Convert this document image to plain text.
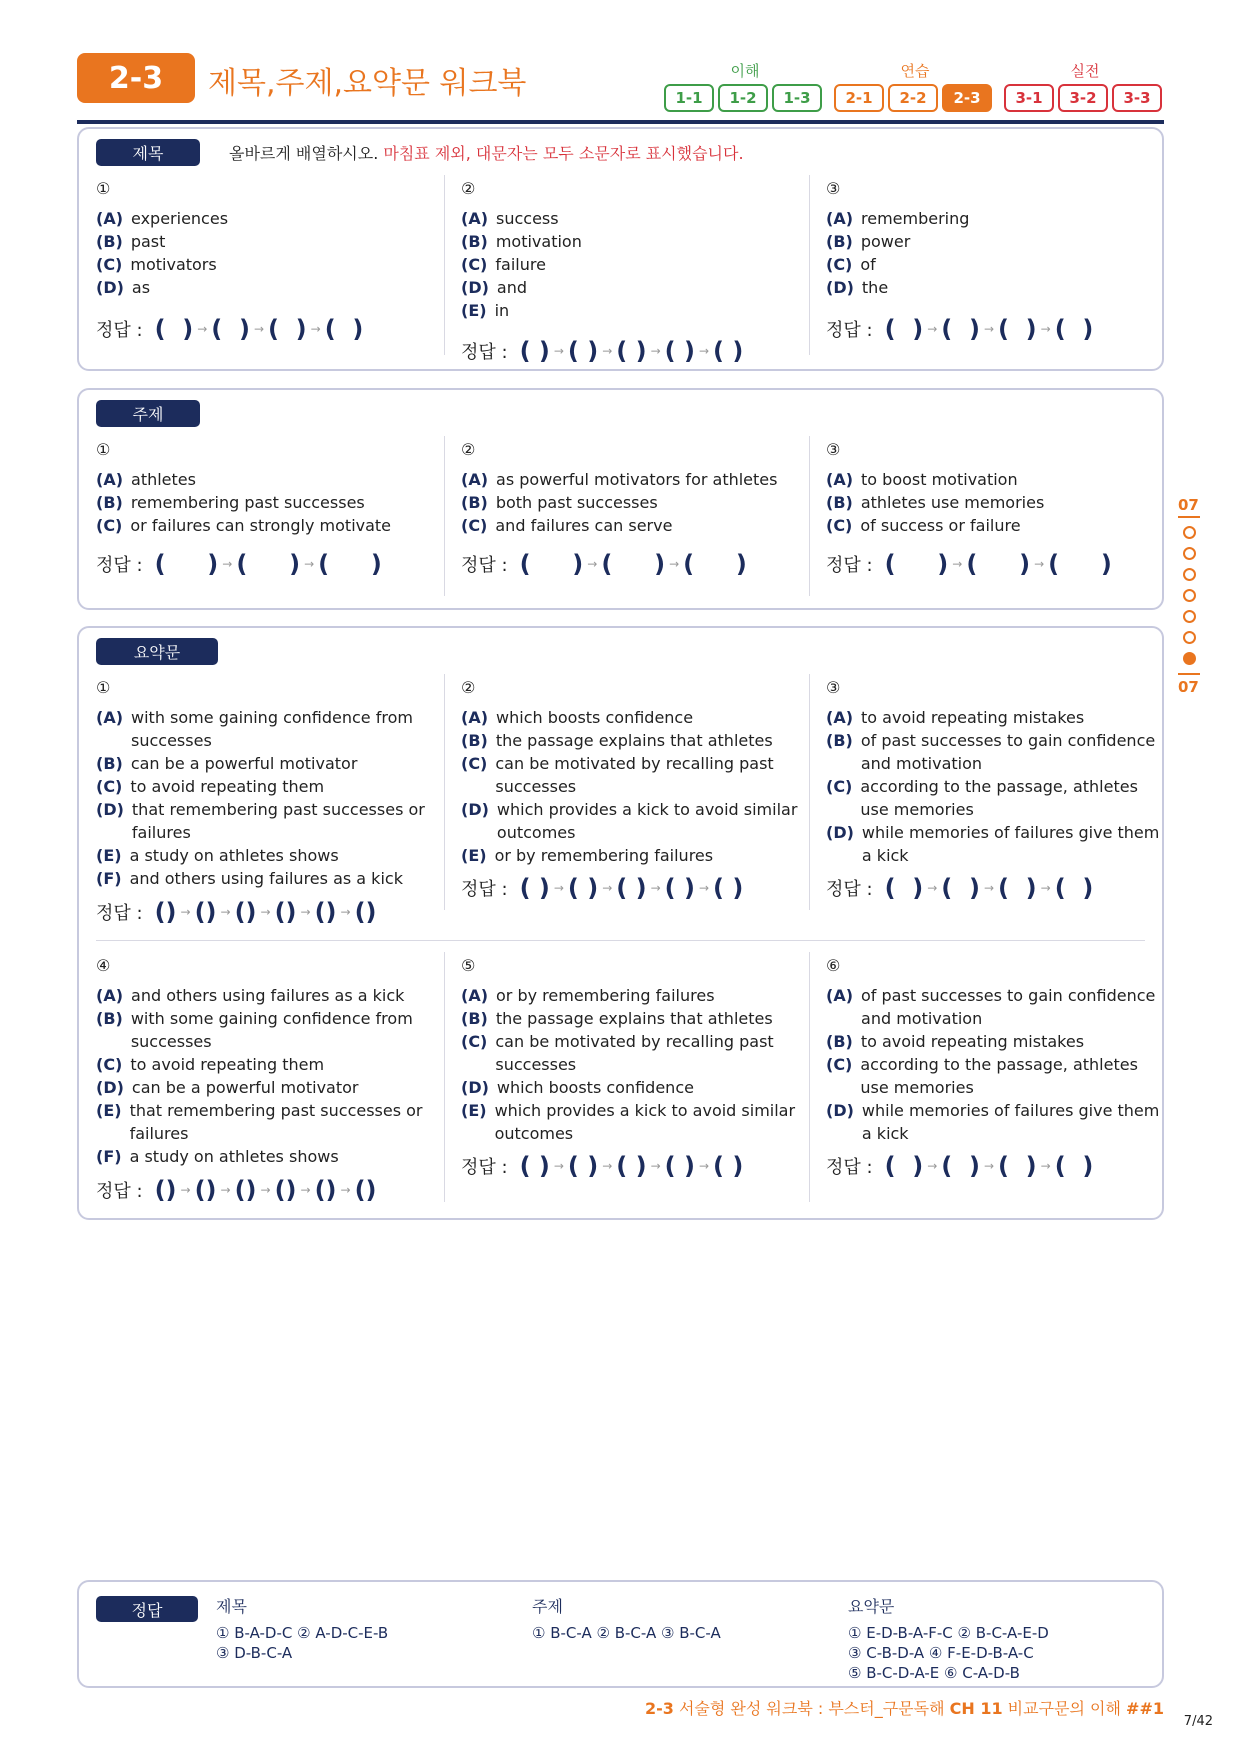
2-3	제목,주제,요약문 워크북	이해	연습	실전
1-1	1-2	1-3	2-1	2-2	2-3	3-1	3-2	3-3
제목	올바르게 배열하시오. 마침표 제외, 대문자는 모두 소문자로 표시했습니다.
①
(A) experiences
(B) past
(C) motivators
(D) as
정답 : (  ) → (  ) → (  ) → (  )
②
(A) success
(B) motivation
(C) failure
(D) and
(E) in
정답 : ( ) → ( ) → ( ) → ( ) → ( )
③
(A) remembering
(B) power
(C) of
(D) the
정답 : (  ) → (  ) → (  ) → (  )
주제
①
(A) athletes
(B) remembering past successes
(C) or failures can strongly motivate
정답 : (     ) → (     ) → (     )
②
(A) as powerful motivators for athletes
(B) both past successes
(C) and failures can serve
정답 : (     ) → (     ) → (     )
③
(A) to boost motivation
(B) athletes use memories
(C) of success or failure
정답 : (     ) → (     ) → (     )
요약문
①
(A) with some gaining confidence from successes
(B) can be a powerful motivator
(C) to avoid repeating them
(D) that remembering past successes or failures
(E) a study on athletes shows
(F) and others using failures as a kick
정답 : () → () → () → () → () → ()
②
(A) which boosts confidence
(B) the passage explains that athletes
(C) can be motivated by recalling past successes
(D) which provides a kick to avoid similar outcomes
(E) or by remembering failures
정답 : ( ) → ( ) → ( ) → ( ) → ( )
③
(A) to avoid repeating mistakes
(B) of past successes to gain confidence and motivation
(C) according to the passage, athletes use memories
(D) while memories of failures give them a kick
정답 : (  ) → (  ) → (  ) → (  )
④
(A) and others using failures as a kick
(B) with some gaining confidence from successes
(C) to avoid repeating them
(D) can be a powerful motivator
(E) that remembering past successes or failures
(F) a study on athletes shows
정답 : () → () → () → () → () → ()
⑤
(A) or by remembering failures
(B) the passage explains that athletes
(C) can be motivated by recalling past successes
(D) which boosts confidence
(E) which provides a kick to avoid similar outcomes
정답 : ( ) → ( ) → ( ) → ( ) → ( )
⑥
(A) of past successes to gain confidence and motivation
(B) to avoid repeating mistakes
(C) according to the passage, athletes use memories
(D) while memories of failures give them a kick
정답 : (  ) → (  ) → (  ) → (  )
07
07
정답	제목
① B-A-D-C ② A-D-C-E-B
③ D-B-C-A
주제
① B-C-A ② B-C-A ③ B-C-A
요약문
① E-D-B-A-F-C ② B-C-A-E-D
③ C-B-D-A ④ F-E-D-B-A-C
⑤ B-C-D-A-E ⑥ C-A-D-B
2-3 서술형 완성 워크북 : 부스터_구문독해 CH 11 비교구문의 이해 ##1
7/42
